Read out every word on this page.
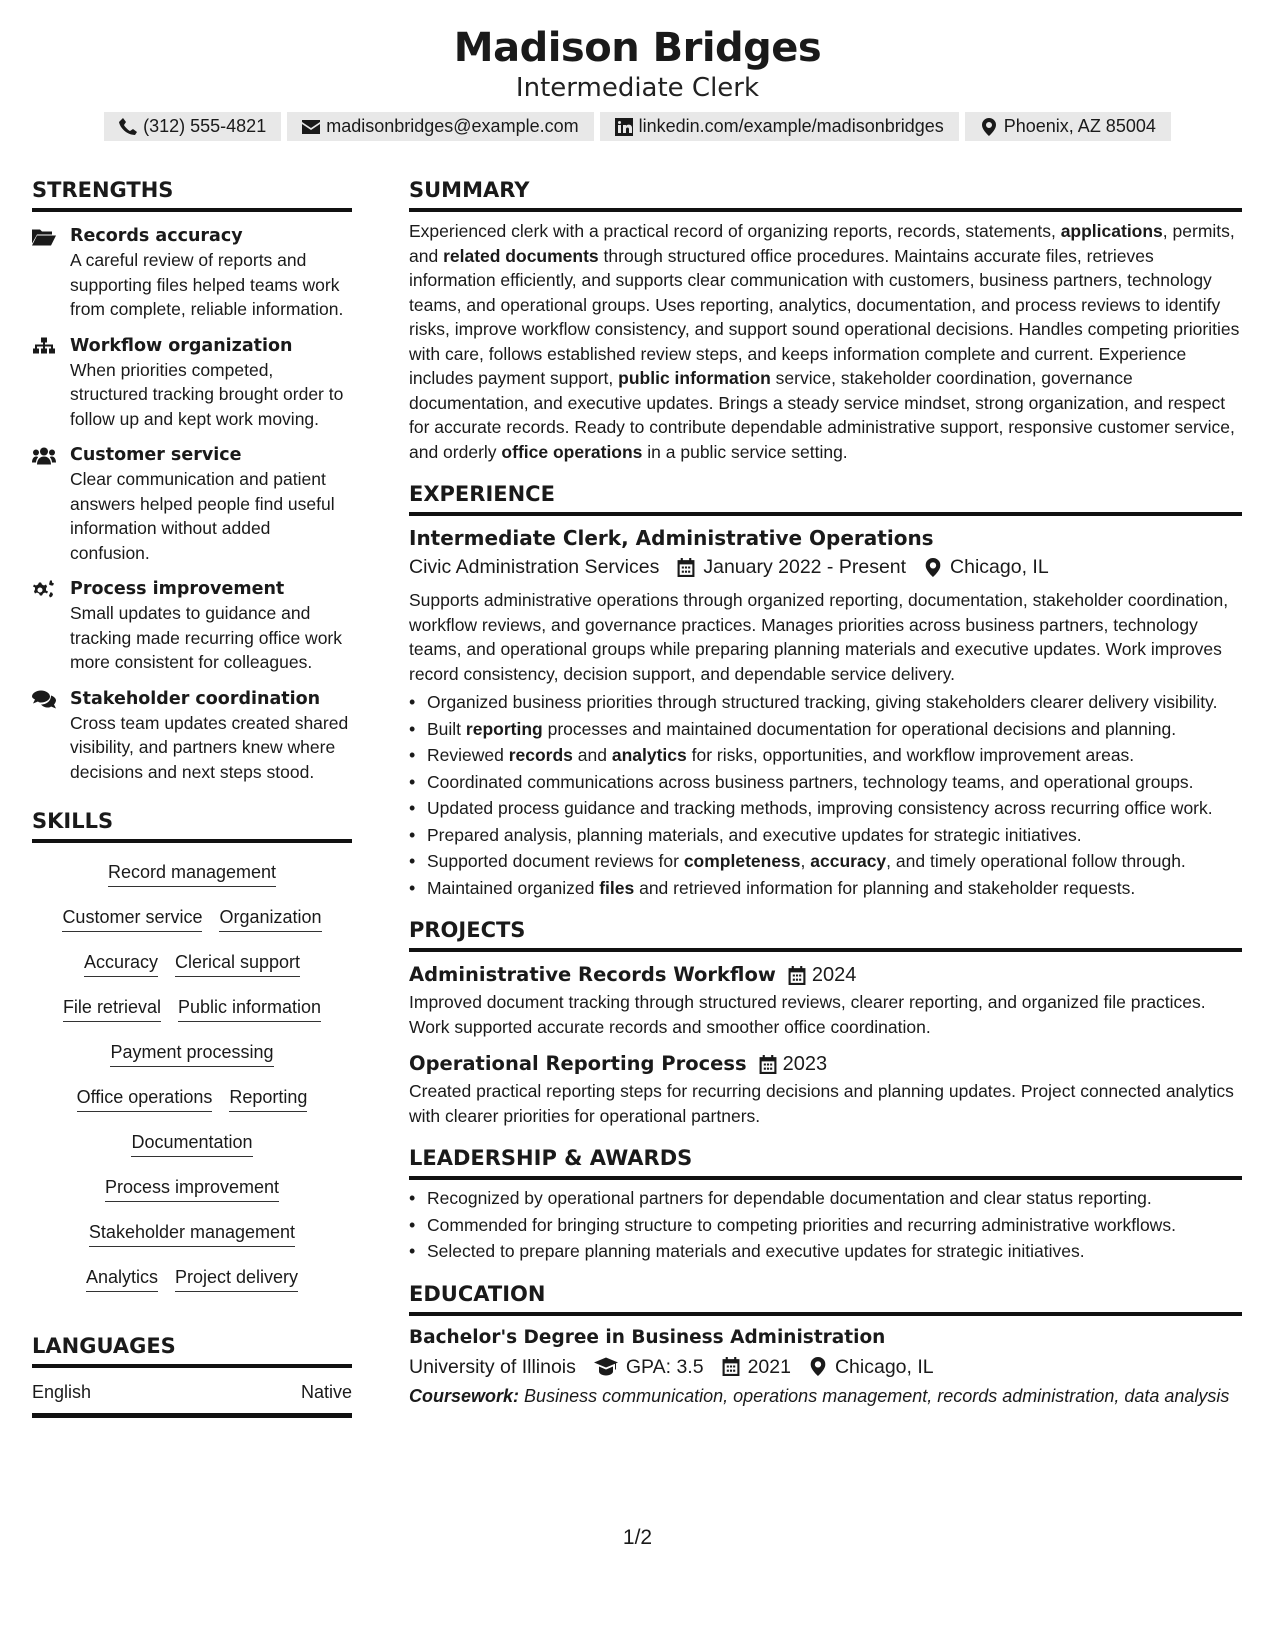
Madison Bridges
Intermediate Clerk
(312) 555-4821	madisonbridges@example.com	linkedin.com/example/madisonbridges	Phoenix, AZ 85004
STRENGTHS
Records accuracy
A careful review of reports and supporting files helped teams work from complete, reliable information.
Workflow organization
When priorities competed, structured tracking brought order to follow up and kept work moving.
Customer service
Clear communication and patient answers helped people find useful information without added confusion.
Process improvement
Small updates to guidance and tracking made recurring office work more consistent for colleagues.
Stakeholder coordination
Cross team updates created shared visibility, and partners knew where decisions and next steps stood.
SKILLS
Record management
Customer service Organization
Accuracy Clerical support
File retrieval Public information
Payment processing
Office operations Reporting
Documentation
Process improvement
Stakeholder management
Analytics Project delivery
LANGUAGES
English	Native
SUMMARY

Experienced clerk with a practical record of organizing reports, records, statements, applications, permits, and related documents through structured office procedures. Maintains accurate files, retrieves information efficiently, and supports clear communication with customers, business partners, technology teams, and operational groups. Uses reporting, analytics, documentation, and process reviews to identify risks, improve workflow consistency, and support sound operational decisions. Handles competing priorities with care, follows established review steps, and keeps information complete and current. Experience includes payment support, public information service, stakeholder coordination, governance documentation, and executive updates. Brings a steady service mindset, strong organization, and respect for accurate records. Ready to contribute dependable administrative support, responsive customer service, and orderly office operations in a public service setting.

EXPERIENCE
Intermediate Clerk, Administrative Operations
Civic Administration Services January 2022 - Present Chicago, IL

Supports administrative operations through organized reporting, documentation, stakeholder coordination, workflow reviews, and governance practices. Manages priorities across business partners, technology teams, and operational groups while preparing planning materials and executive updates. Work improves record consistency, decision support, and dependable service delivery.

• Organized business priorities through structured tracking, giving stakeholders clearer delivery visibility.
• Built reporting processes and maintained documentation for operational decisions and planning.
• Reviewed records and analytics for risks, opportunities, and workflow improvement areas.
• Coordinated communications across business partners, technology teams, and operational groups.
• Updated process guidance and tracking methods, improving consistency across recurring office work.
• Prepared analysis, planning materials, and executive updates for strategic initiatives.
• Supported document reviews for completeness, accuracy, and timely operational follow through.
• Maintained organized files and retrieved information for planning and stakeholder requests.
PROJECTS
Administrative Records Workflow 2024

Improved document tracking through structured reviews, clearer reporting, and organized file practices. Work supported accurate records and smoother office coordination.

Operational Reporting Process 2023

Created practical reporting steps for recurring decisions and planning updates. Project connected analytics with clearer priorities for operational partners.

LEADERSHIP & AWARDS
• Recognized by operational partners for dependable documentation and clear status reporting.
• Commended for bringing structure to competing priorities and recurring administrative workflows.
• Selected to prepare planning materials and executive updates for strategic initiatives.
EDUCATION
Bachelor's Degree in Business Administration
University of Illinois	GPA: 3.5 2021 Chicago, IL

Coursework: Business communication, operations management, records administration, data analysis

1/2
